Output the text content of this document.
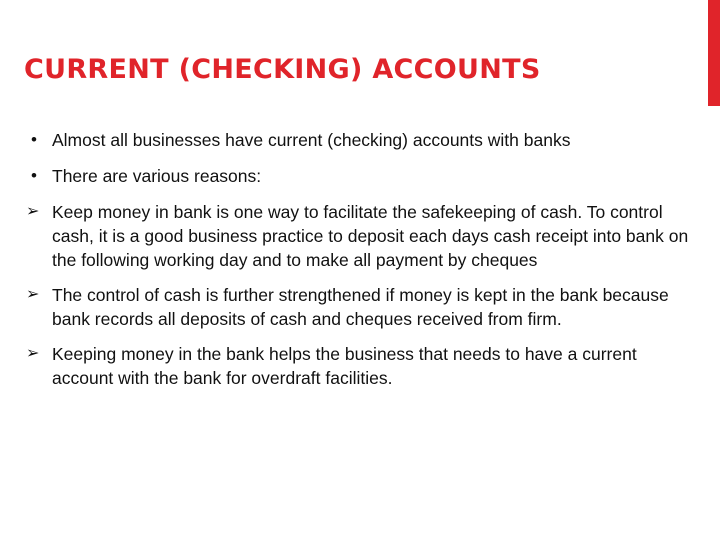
CURRENT (CHECKING) ACCOUNTS
• Almost all businesses have current (checking) accounts with banks
• There are various reasons:
➢ Keep money in bank is one way to facilitate the safekeeping of cash. To control cash, it is a good business practice to deposit each days cash receipt into bank on the following working day and to make all payment by cheques
➢ The control of cash is further strengthened if money is kept in the bank because bank records all deposits of cash and cheques received from firm.
➢ Keeping money in the bank helps the business that needs to have a current account with the bank for overdraft facilities.
